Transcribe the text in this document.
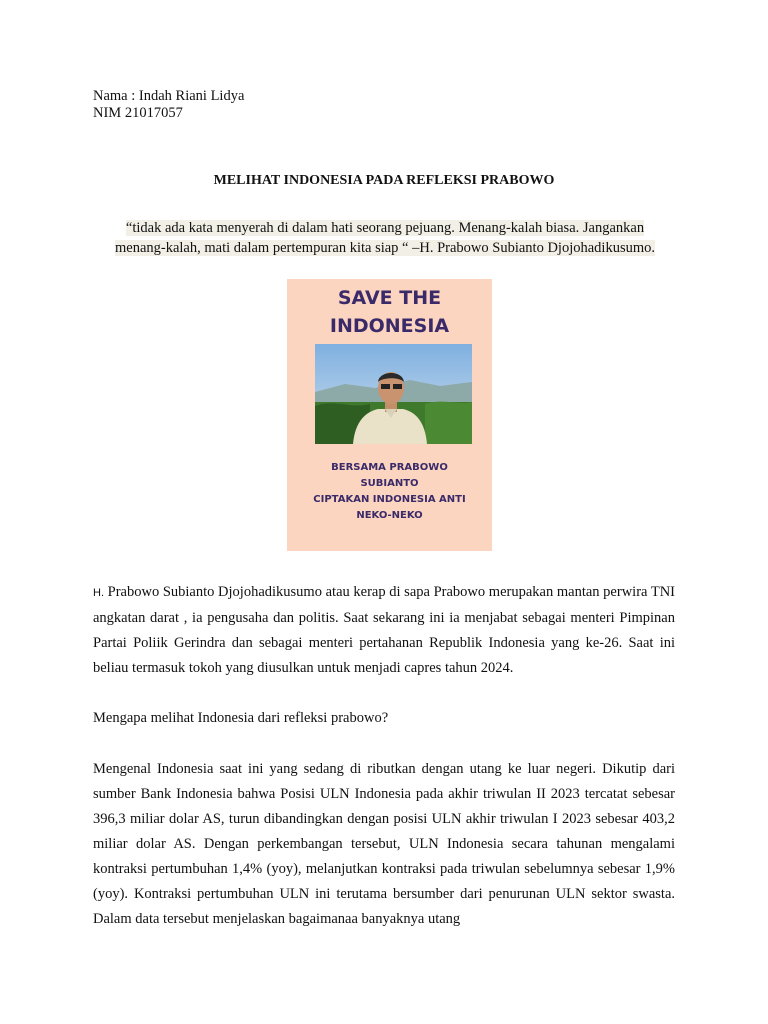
Nama : Indah Riani Lidya
NIM 21017057
MELIHAT INDONESIA PADA REFLEKSI PRABOWO
“tidak ada kata menyerah di dalam hati seorang pejuang. Menang-kalah biasa. Jangankan
menang-kalah, mati dalam pertempuran kita siap “ –H. Prabowo Subianto Djojohadikusumo.
SAVE THE
INDONESIA
BERSAMA PRABOWO
SUBIANTO
CIPTAKAN INDONESIA ANTI
NEKO-NEKO
H. Prabowo Subianto Djojohadikusumo atau kerap di sapa Prabowo merupakan mantan perwira TNI angkatan darat , ia pengusaha dan politis. Saat sekarang ini ia menjabat sebagai menteri Pimpinan Partai Poliik Gerindra dan sebagai menteri pertahanan Republik Indonesia yang ke-26. Saat ini beliau termasuk tokoh yang diusulkan untuk menjadi capres tahun 2024.
Mengapa melihat Indonesia dari refleksi prabowo?
Mengenal Indonesia saat ini yang sedang di ributkan dengan utang ke luar negeri. Dikutip dari sumber Bank Indonesia bahwa Posisi ULN Indonesia pada akhir triwulan II 2023 tercatat sebesar 396,3 miliar dolar AS, turun dibandingkan dengan posisi ULN akhir triwulan I 2023 sebesar 403,2 miliar dolar AS. Dengan perkembangan tersebut, ULN Indonesia secara tahunan mengalami kontraksi pertumbuhan 1,4% (yoy), melanjutkan kontraksi pada triwulan sebelumnya sebesar 1,9% (yoy). Kontraksi pertumbuhan ULN ini terutama bersumber dari penurunan ULN sektor swasta. Dalam data tersebut menjelaskan bagaimanaa banyaknya utang
